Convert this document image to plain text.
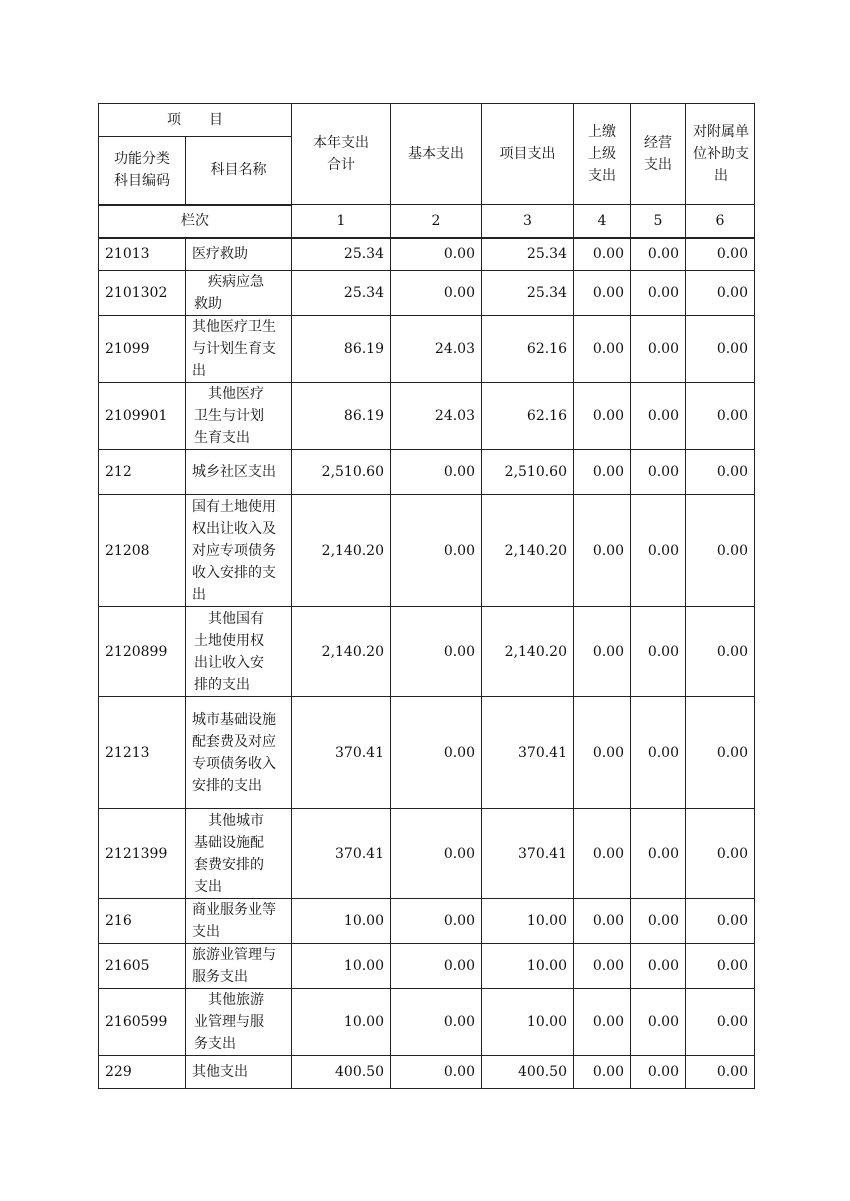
项　　目		本年支出合计	基本支出	项目支出	上缴上级支出	经营支出	对附属单位补助支出
功能分类科目编码	科目名称						
栏次		1	2	3	4	5	6
21013	医疗救助	25.34	0.00	25.34	0.00	0.00	0.00
2101302	疾病应急救助	25.34	0.00	25.34	0.00	0.00	0.00
21099	其他医疗卫生与计划生育支出	86.19	24.03	62.16	0.00	0.00	0.00
2109901	其他医疗卫生与计划生育支出	86.19	24.03	62.16	0.00	0.00	0.00
212	城乡社区支出	2,510.60	0.00	2,510.60	0.00	0.00	0.00
21208	国有土地使用权出让收入及对应专项债务收入安排的支出	2,140.20	0.00	2,140.20	0.00	0.00	0.00
2120899	其他国有土地使用权出让收入安排的支出	2,140.20	0.00	2,140.20	0.00	0.00	0.00
21213	城市基础设施配套费及对应专项债务收入安排的支出	370.41	0.00	370.41	0.00	0.00	0.00
2121399	其他城市基础设施配套费安排的支出	370.41	0.00	370.41	0.00	0.00	0.00
216	商业服务业等支出	10.00	0.00	10.00	0.00	0.00	0.00
21605	旅游业管理与服务支出	10.00	0.00	10.00	0.00	0.00	0.00
2160599	其他旅游业管理与服务支出	10.00	0.00	10.00	0.00	0.00	0.00
229	其他支出	400.50	0.00	400.50	0.00	0.00	0.00
